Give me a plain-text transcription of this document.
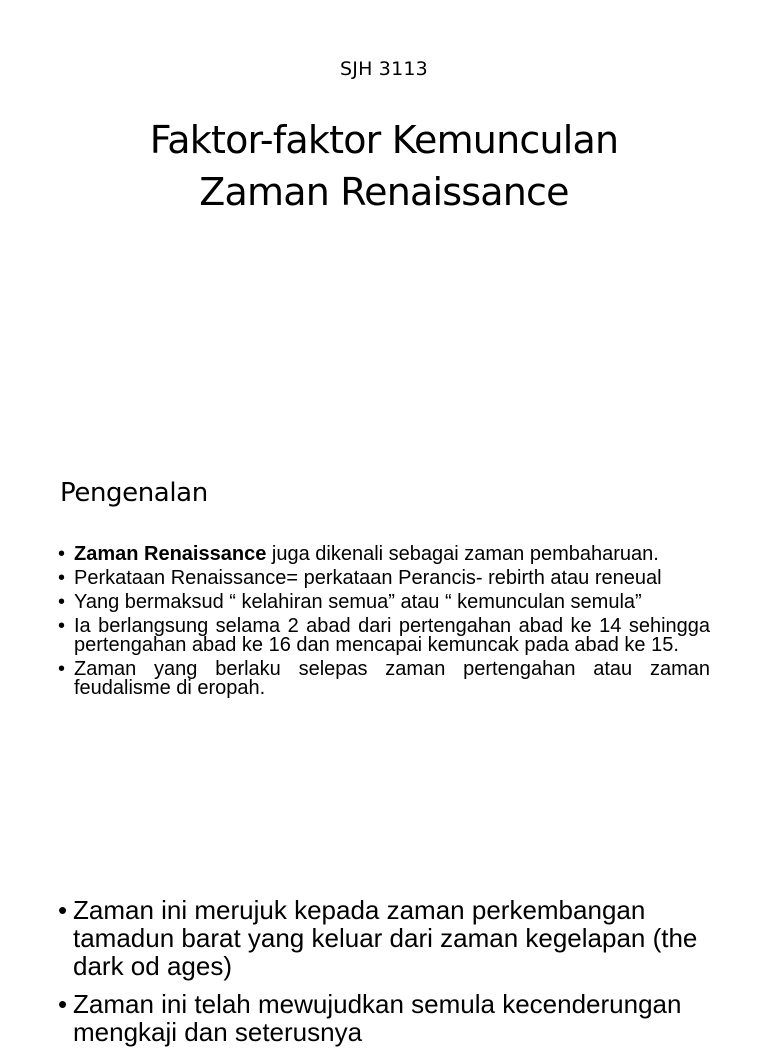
SJH 3113
Faktor-faktor Kemunculan
Zaman Renaissance
Pengenalan
• Zaman Renaissance juga dikenali sebagai zaman pembaharuan.
• Perkataan Renaissance= perkataan Perancis- rebirth atau reneual
• Yang bermaksud “ kelahiran semua” atau “ kemunculan semula”
• Ia berlangsung selama 2 abad dari pertengahan abad ke 14 sehingga pertengahan abad ke 16 dan mencapai kemuncak pada abad ke 15.
• Zaman yang berlaku selepas zaman pertengahan atau zaman feudalisme di eropah.
• Zaman ini merujuk kepada zaman perkembangan tamadun barat yang keluar dari zaman kegelapan (the dark od ages)
• Zaman ini telah mewujudkan semula kecenderungan mengkaji dan seterusnya
